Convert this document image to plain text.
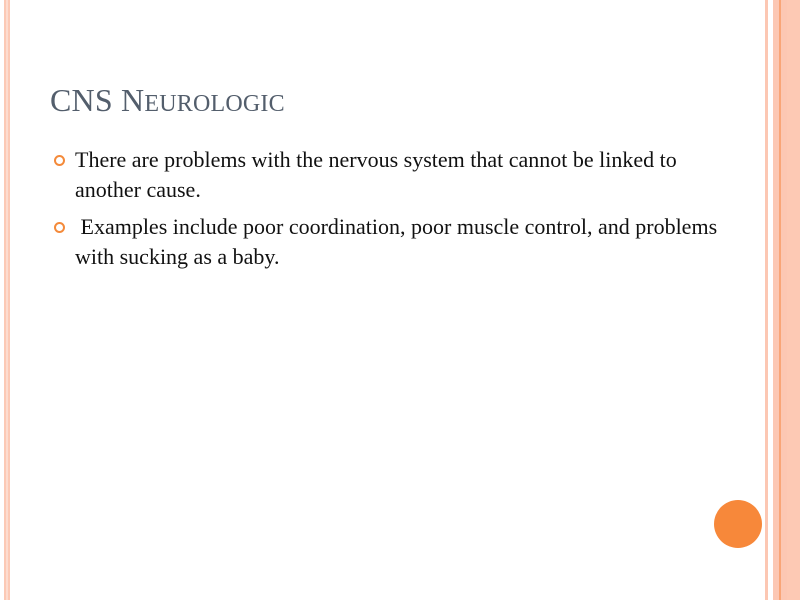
CNS NEUROLOGIC
There are problems with the nervous system that cannot be linked to another cause.
Examples include poor coordination, poor muscle control, and problems with sucking as a baby.
